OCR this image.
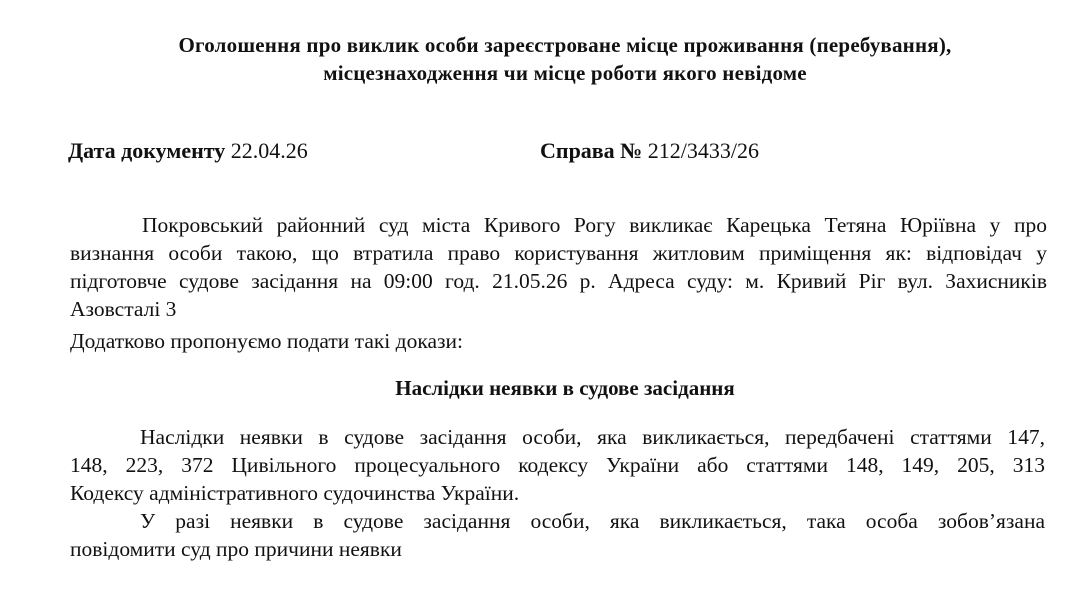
Оголошення про виклик особи зареєстроване місце проживання (перебування),
місцезнаходження чи місце роботи якого невідоме
Дата документу 22.04.26	Справа № 212/3433/26
Покровський районний суд міста Кривого Рогу викликає Карецька Тетяна Юріївна у про
визнання особи такою, що втратила право користування житловим приміщення як: відповідач у
підготовче судове засідання на 09:00 год. 21.05.26 р. Адреса суду: м. Кривий Ріг вул. Захисників
Азовсталі 3
Додатково пропонуємо подати такі докази:
Наслідки неявки в судове засідання
Наслідки неявки в судове засідання особи, яка викликається, передбачені статтями 147,
148, 223, 372 Цивільного процесуального кодексу України або статтями 148, 149, 205, 313
Кодексу адміністративного судочинства України.
У разі неявки в судове засідання особи, яка викликається, така особа зобов’язана
повідомити суд про причини неявки
